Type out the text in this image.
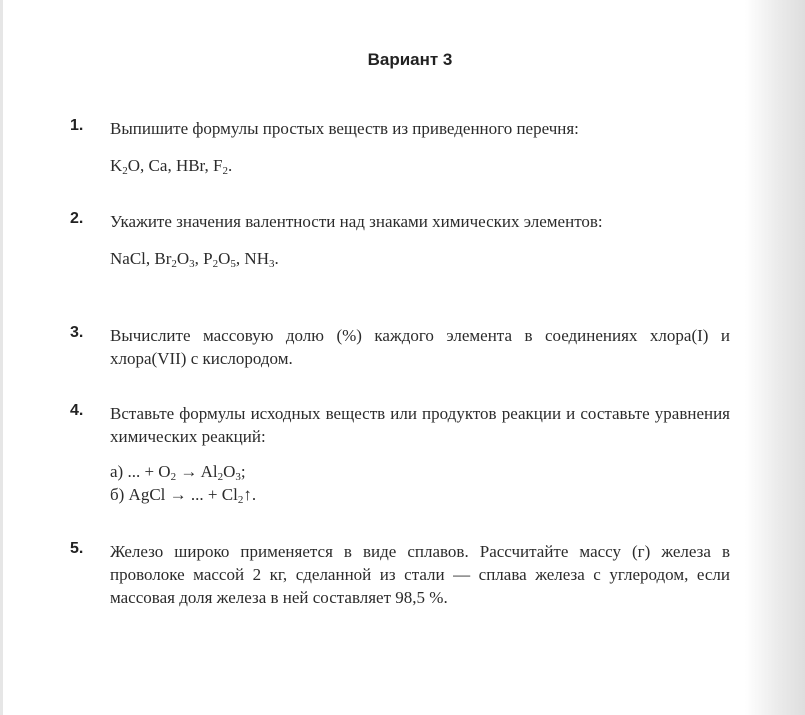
Вариант 3
1. Выпишите формулы простых веществ из приведенного перечня:
$K_2O$, Ca, HBr, $F_2$.
2. Укажите значения валентности над знаками химических элементов:
NaCl, $Br_2O_3$, $P_2O_5$, $NH_3$.
3. Вычислите массовую долю (%) каждого элемента в соединениях хлора(I) и хлора(VII) с кислородом.
4. Вставьте формулы исходных веществ или продуктов реакции и составьте уравнения химических реакций:
а) ... + $O_2 \to Al_2O_3$;
б) AgCl → ... + $Cl_2↑$.
5. Железо широко применяется в виде сплавов. Рассчитайте массу (г) железа в проволоке массой 2 кг, сделанной из стали — сплава железа с углеродом, если массовая доля железа в ней составляет 98,5 %.
